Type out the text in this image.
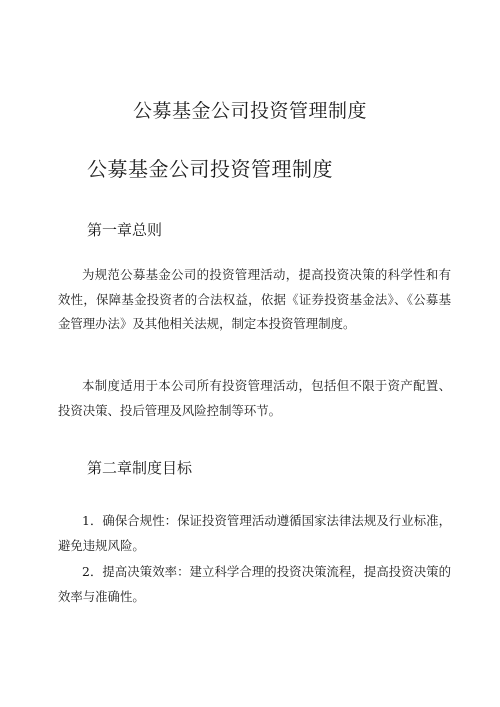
公募基金公司投资管理制度
公募基金公司投资管理制度
第一章总则

为规范公募基金公司的投资管理活动，提高投资决策的科学性和有效性，保障基金投资者的合法权益，依据《证券投资基金法》、《公募基金管理办法》及其他相关法规，制定本投资管理制度。

本制度适用于本公司所有投资管理活动，包括但不限于资产配置、投资决策、投后管理及风险控制等环节。

第二章制度目标

1．确保合规性：保证投资管理活动遵循国家法律法规及行业标准，避免违规风险。

2．提高决策效率：建立科学合理的投资决策流程，提高投资决策的效率与准确性。
